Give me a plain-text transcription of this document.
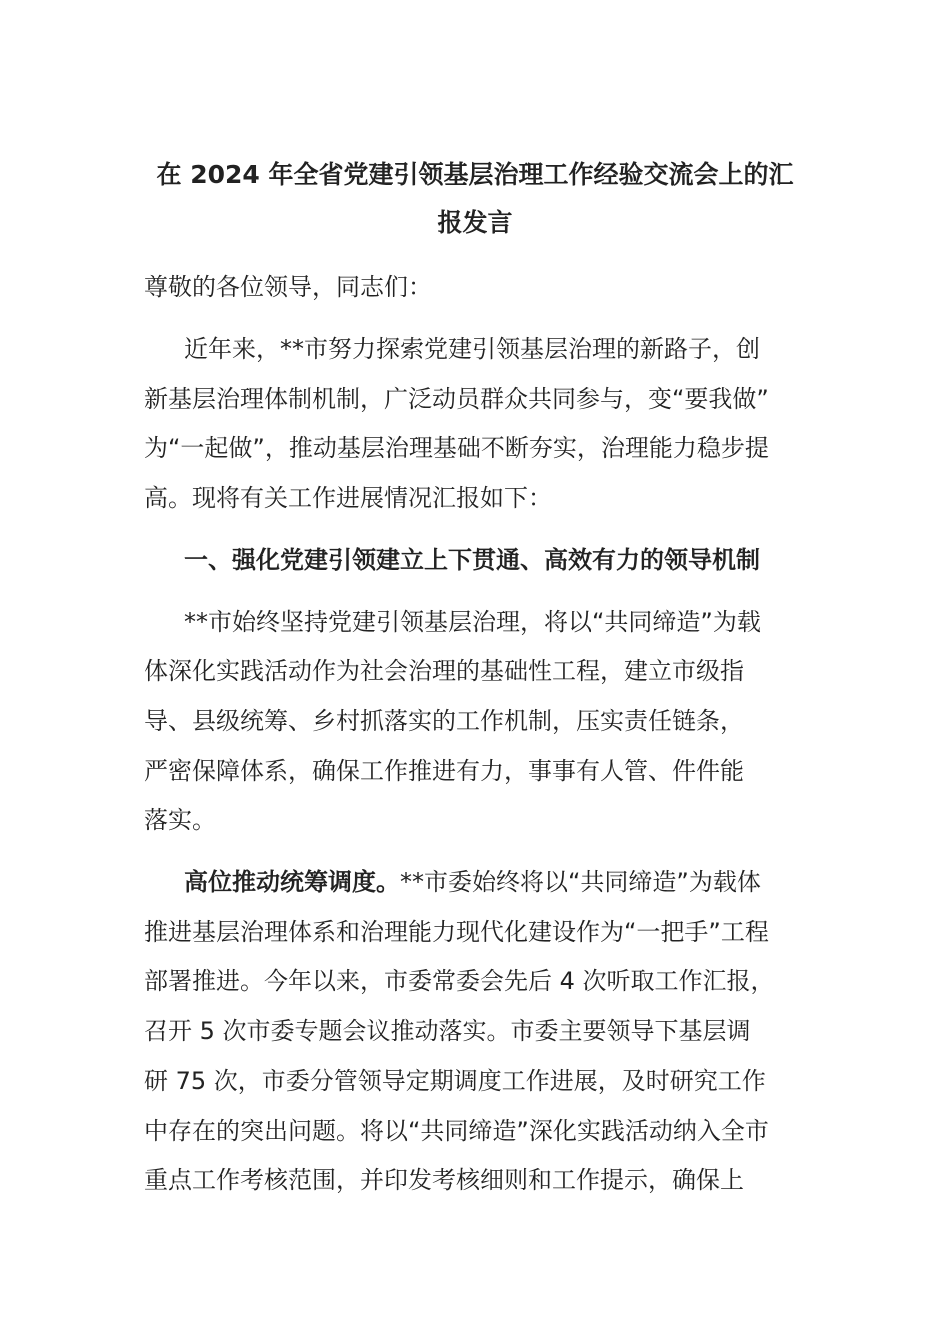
在 2024 年全省党建引领基层治理工作经验交流会上的汇
报发言
尊敬的各位领导，同志们：
近年来，**市努力探索党建引领基层治理的新路子，创
新基层治理体制机制，广泛动员群众共同参与，变“要我做”
为“一起做”，推动基层治理基础不断夯实，治理能力稳步提
高。现将有关工作进展情况汇报如下：
一、强化党建引领建立上下贯通、高效有力的领导机制
**市始终坚持党建引领基层治理，将以“共同缔造”为载
体深化实践活动作为社会治理的基础性工程，建立市级指
导、县级统筹、乡村抓落实的工作机制，压实责任链条，
严密保障体系，确保工作推进有力，事事有人管、件件能
落实。
高位推动统筹调度。**市委始终将以“共同缔造”为载体
推进基层治理体系和治理能力现代化建设作为“一把手”工程
部署推进。今年以来，市委常委会先后 4 次听取工作汇报，
召开 5 次市委专题会议推动落实。市委主要领导下基层调
研 75 次，市委分管领导定期调度工作进展，及时研究工作
中存在的突出问题。将以“共同缔造”深化实践活动纳入全市
重点工作考核范围，并印发考核细则和工作提示，确保上
